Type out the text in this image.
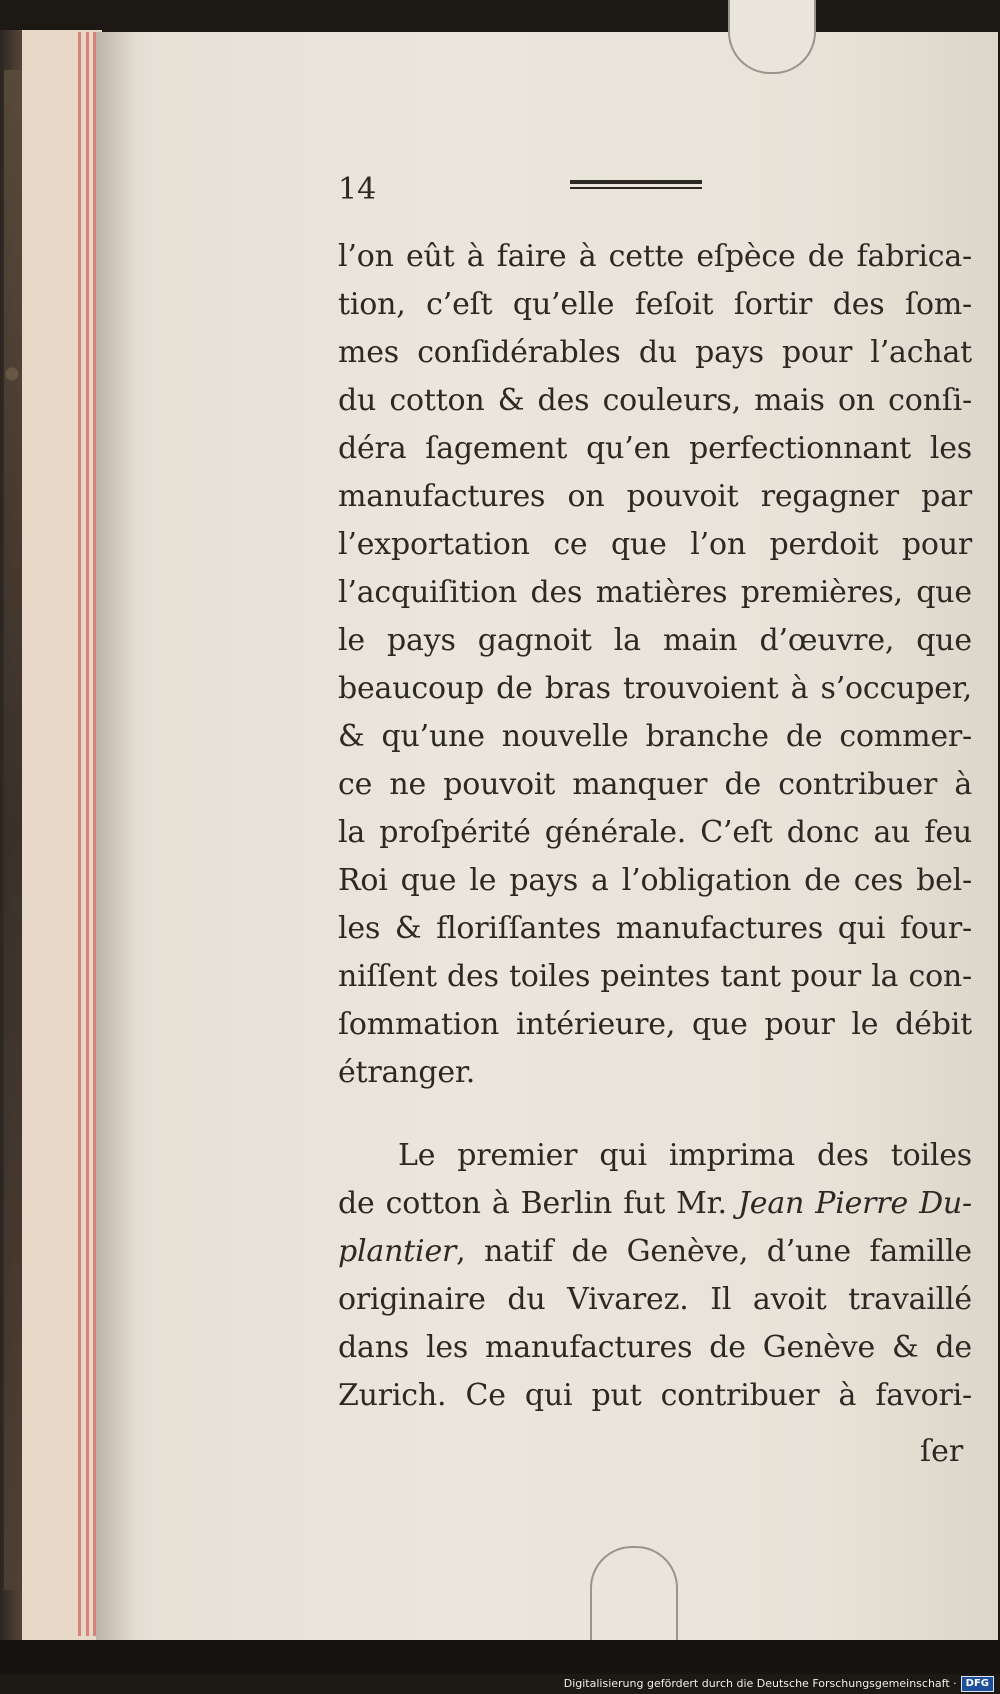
14
l’on eût à faire à cette eſpèce de fabrica-
tion, c’eſt qu’elle feſoit ſortir des ſom-
mes conſidérables du pays pour l’achat
du cotton & des couleurs, mais on conſi-
déra ſagement qu’en perfectionnant les
manufactures on pouvoit regagner par
l’exportation ce que l’on perdoit pour
l’acquiſition des matières premières, que
le pays gagnoit la main d’œuvre, que
beaucoup de bras trouvoient à s’occuper,
& qu’une nouvelle branche de commer-
ce ne pouvoit manquer de contribuer à
la proſpérité générale. C’eſt donc au feu
Roi que le pays a l’obligation de ces bel-
les & floriſſantes manufactures qui four-
niſſent des toiles peintes tant pour la con-
ſommation intérieure, que pour le débit
étranger.
Le premier qui imprima des toiles
de cotton à Berlin fut Mr. Jean Pierre Du-
plantier, natif de Genève, d’une famille
originaire du Vivarez. Il avoit travaillé
dans les manufactures de Genève & de
Zurich. Ce qui put contribuer à favori-
ſer
Digitalisierung gefördert durch die Deutsche Forschungsgemeinschaft · DFG
